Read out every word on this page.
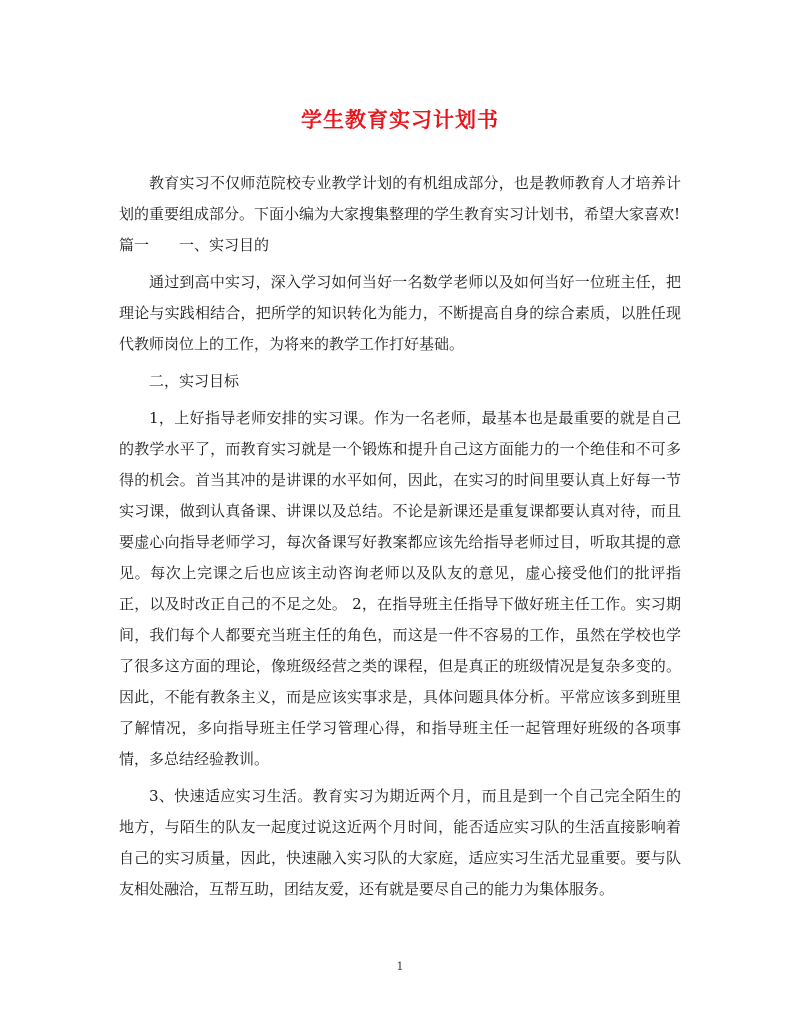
学生教育实习计划书

教育实习不仅师范院校专业教学计划的有机组成部分，也是教师教育人才培养计划的重要组成部分。下面小编为大家搜集整理的学生教育实习计划书，希望大家喜欢!

篇一 一、实习目的

通过到高中实习，深入学习如何当好一名数学老师以及如何当好一位班主任，把理论与实践相结合，把所学的知识转化为能力，不断提高自身的综合素质，以胜任现代教师岗位上的工作，为将来的教学工作打好基础。

二，实习目标

1，上好指导老师安排的实习课。作为一名老师，最基本也是最重要的就是自己的教学水平了，而教育实习就是一个锻炼和提升自己这方面能力的一个绝佳和不可多得的机会。首当其冲的是讲课的水平如何，因此，在实习的时间里要认真上好每一节实习课，做到认真备课、讲课以及总结。不论是新课还是重复课都要认真对待，而且要虚心向指导老师学习，每次备课写好教案都应该先给指导老师过目，听取其提的意见。每次上完课之后也应该主动咨询老师以及队友的意见，虚心接受他们的批评指正，以及时改正自己的不足之处。 2，在指导班主任指导下做好班主任工作。实习期间，我们每个人都要充当班主任的角色，而这是一件不容易的工作，虽然在学校也学了很多这方面的理论，像班级经营之类的课程，但是真正的班级情况是复杂多变的。因此，不能有教条主义，而是应该实事求是，具体问题具体分析。平常应该多到班里了解情况，多向指导班主任学习管理心得，和指导班主任一起管理好班级的各项事情，多总结经验教训。

3、快速适应实习生活。教育实习为期近两个月，而且是到一个自己完全陌生的地方，与陌生的队友一起度过说这近两个月时间，能否适应实习队的生活直接影响着自己的实习质量，因此，快速融入实习队的大家庭，适应实习生活尤显重要。要与队友相处融洽，互帮互助，团结友爱，还有就是要尽自己的能力为集体服务。

1
